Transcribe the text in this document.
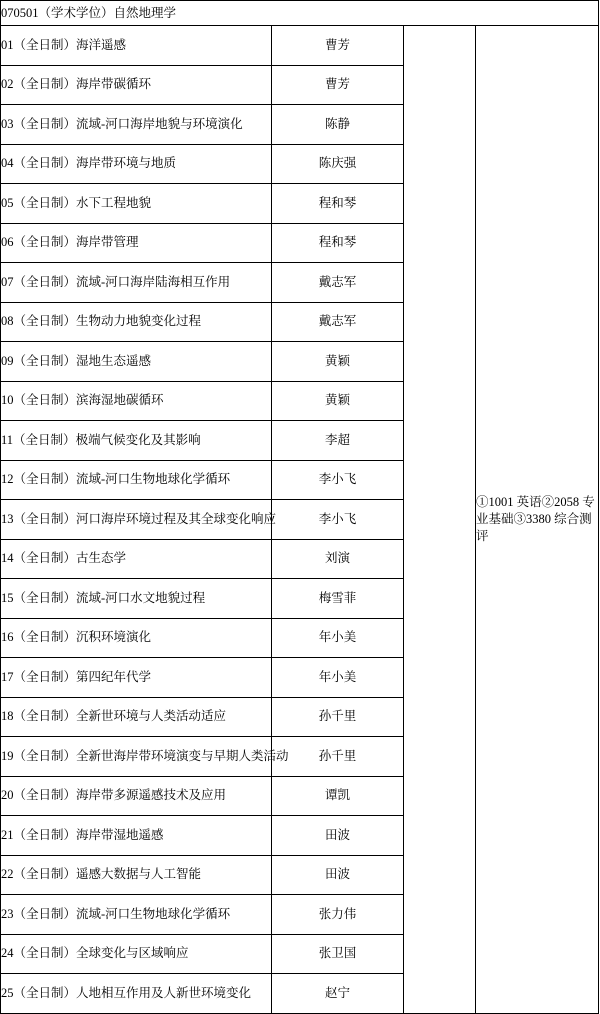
070501（学术学位）自然地理学			
01（全日制）海洋遥感	曹芳		①1001 英语②2058 专业基础③3380 综合测评
02（全日制）海岸带碳循环	曹芳		
03（全日制）流域-河口海岸地貌与环境演化	陈静		
04（全日制）海岸带环境与地质	陈庆强		
05（全日制）水下工程地貌	程和琴		
06（全日制）海岸带管理	程和琴		
07（全日制）流域-河口海岸陆海相互作用	戴志军		
08（全日制）生物动力地貌变化过程	戴志军		
09（全日制）湿地生态遥感	黄颖		
10（全日制）滨海湿地碳循环	黄颖		
11（全日制）极端气候变化及其影响	李超		
12（全日制）流域-河口生物地球化学循环	李小飞		
13（全日制）河口海岸环境过程及其全球变化响应	李小飞		
14（全日制）古生态学	刘演		
15（全日制）流域-河口水文地貌过程	梅雪菲		
16（全日制）沉积环境演化	年小美		
17（全日制）第四纪年代学	年小美		
18（全日制）全新世环境与人类活动适应	孙千里		
19（全日制）全新世海岸带环境演变与早期人类活动	孙千里		
20（全日制）海岸带多源遥感技术及应用	谭凯		
21（全日制）海岸带湿地遥感	田波		
22（全日制）遥感大数据与人工智能	田波		
23（全日制）流域-河口生物地球化学循环	张力伟		
24（全日制）全球变化与区域响应	张卫国		
25（全日制）人地相互作用及人新世环境变化	赵宁		
